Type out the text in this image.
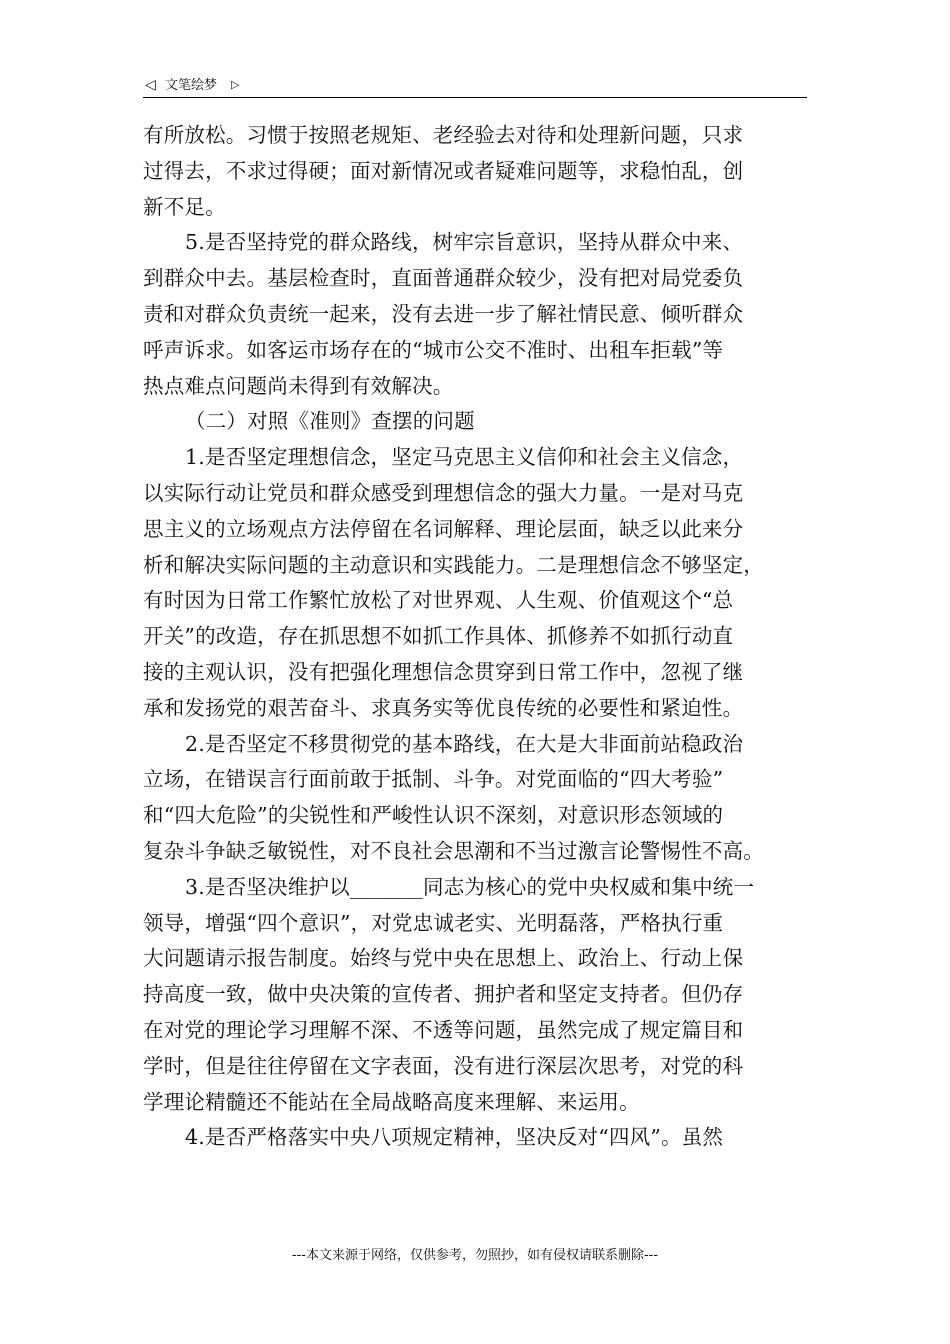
◁ 文笔绘梦 ▷
有所放松。习惯于按照老规矩、老经验去对待和处理新问题，只求
过得去，不求过得硬；面对新情况或者疑难问题等，求稳怕乱，创
新不足。
5.是否坚持党的群众路线，树牢宗旨意识，坚持从群众中来、
到群众中去。基层检查时，直面普通群众较少，没有把对局党委负
责和对群众负责统一起来，没有去进一步了解社情民意、倾听群众
呼声诉求。如客运市场存在的“城市公交不准时、出租车拒载”等
热点难点问题尚未得到有效解决。
（二）对照《准则》查摆的问题
1.是否坚定理想信念，坚定马克思主义信仰和社会主义信念，
以实际行动让党员和群众感受到理想信念的强大力量。一是对马克
思主义的立场观点方法停留在名词解释、理论层面，缺乏以此来分
析和解决实际问题的主动意识和实践能力。二是理想信念不够坚定，
有时因为日常工作繁忙放松了对世界观、人生观、价值观这个“总
开关”的改造，存在抓思想不如抓工作具体、抓修养不如抓行动直
接的主观认识，没有把强化理想信念贯穿到日常工作中，忽视了继
承和发扬党的艰苦奋斗、求真务实等优良传统的必要性和紧迫性。
2.是否坚定不移贯彻党的基本路线，在大是大非面前站稳政治
立场，在错误言行面前敢于抵制、斗争。对党面临的“四大考验”
和“四大危险”的尖锐性和严峻性认识不深刻，对意识形态领域的
复杂斗争缺乏敏锐性，对不良社会思潮和不当过激言论警惕性不高。
3.是否坚决维护以_______同志为核心的党中央权威和集中统一
领导，增强“四个意识”，对党忠诚老实、光明磊落，严格执行重
大问题请示报告制度。始终与党中央在思想上、政治上、行动上保
持高度一致，做中央决策的宣传者、拥护者和坚定支持者。但仍存
在对党的理论学习理解不深、不透等问题，虽然完成了规定篇目和
学时，但是往往停留在文字表面，没有进行深层次思考，对党的科
学理论精髓还不能站在全局战略高度来理解、来运用。
4.是否严格落实中央八项规定精神，坚决反对“四风”。虽然
---本文来源于网络，仅供参考，勿照抄，如有侵权请联系删除---
